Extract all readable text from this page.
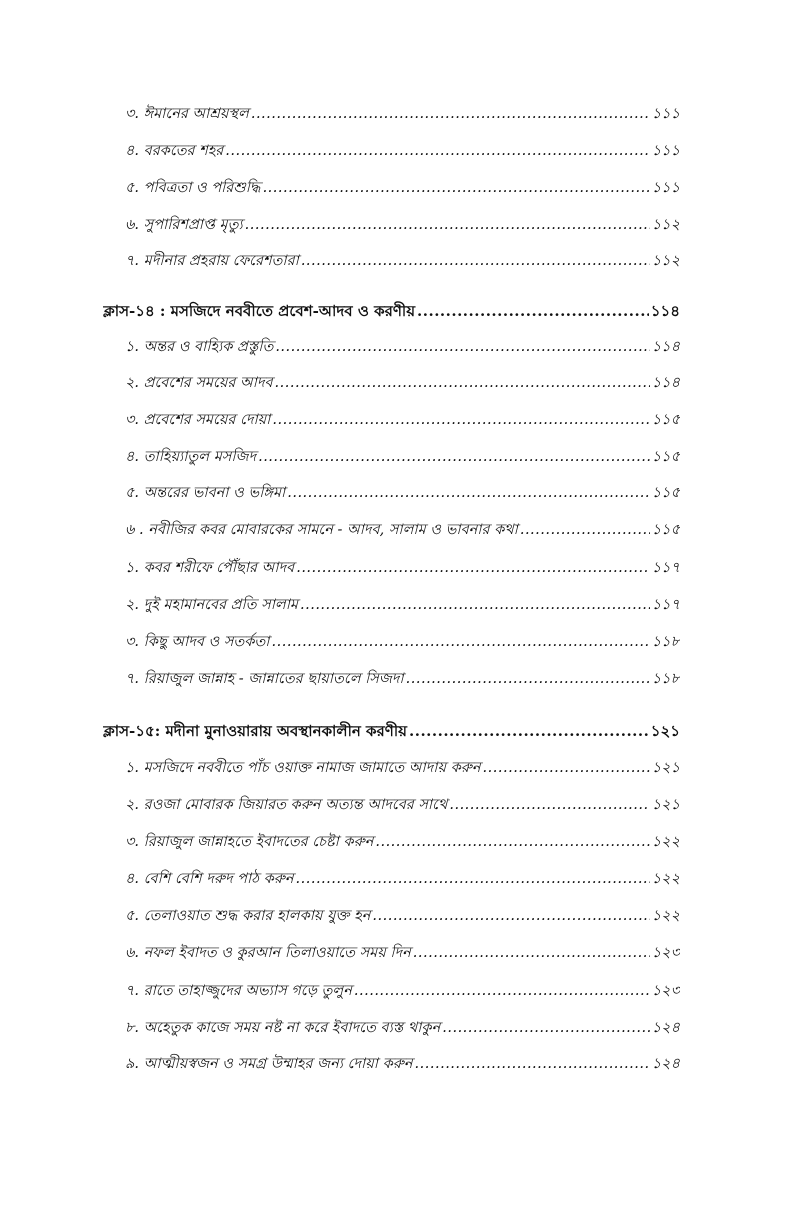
৩. ঈমানের আশ্রয়স্থল .....	১১১
৪. বরকতের শহর .....	১১১
৫. পবিত্রতা ও পরিশুদ্ধি .....	১১১
৬. সুপারিশপ্রাপ্ত মৃত্যু .....	১১২
৭. মদীনার প্রহরায় ফেরেশতারা .....	১১২
ক্লাস-১৪ : মসজিদে নববীতে প্রবেশ-আদব ও করণীয় .....	১১৪
১. অন্তর ও বাহ্যিক প্রস্তুতি .....	১১৪
২. প্রবেশের সময়ের আদব .....	১১৪
৩. প্রবেশের সময়ের দোয়া .....	১১৫
৪. তাহিয়্যাতুল মসজিদ .....	১১৫
৫. অন্তরের ভাবনা ও ভঙ্গিমা .....	১১৫
৬ . নবীজির কবর মোবারকের সামনে - আদব, সালাম ও ভাবনার কথা .....	১১৫
১. কবর শরীফে পৌঁছার আদব .....	১১৭
২. দুই মহামানবের প্রতি সালাম .....	১১৭
৩. কিছু আদব ও সতর্কতা .....	১১৮
৭. রিয়াজুল জান্নাহ - জান্নাতের ছায়াতলে সিজদা .....	১১৮
ক্লাস-১৫: মদীনা মুনাওয়ারায় অবস্থানকালীন করণীয় .....	১২১
১. মসজিদে নববীতে পাঁচ ওয়াক্ত নামাজ জামাতে আদায় করুন .....	১২১
২. রওজা মোবারক জিয়ারত করুন অত্যন্ত আদবের সাথে .....	১২১
৩. রিয়াজুল জান্নাহতে ইবাদতের চেষ্টা করুন .....	১২২
৪. বেশি বেশি দরুদ পাঠ করুন .....	১২২
৫. তেলাওয়াত শুদ্ধ করার হালকায় যুক্ত হন .....	১২২
৬. নফল ইবাদত ও কুরআন তিলাওয়াতে সময় দিন .....	১২৩
৭. রাতে তাহাজ্জুদের অভ্যাস গড়ে তুলুন .....	১২৩
৮. অহেতুক কাজে সময় নষ্ট না করে ইবাদতে ব্যস্ত থাকুন .....	১২৪
৯. আত্মীয়স্বজন ও সমগ্র উম্মাহর জন্য দোয়া করুন .....	১২৪
